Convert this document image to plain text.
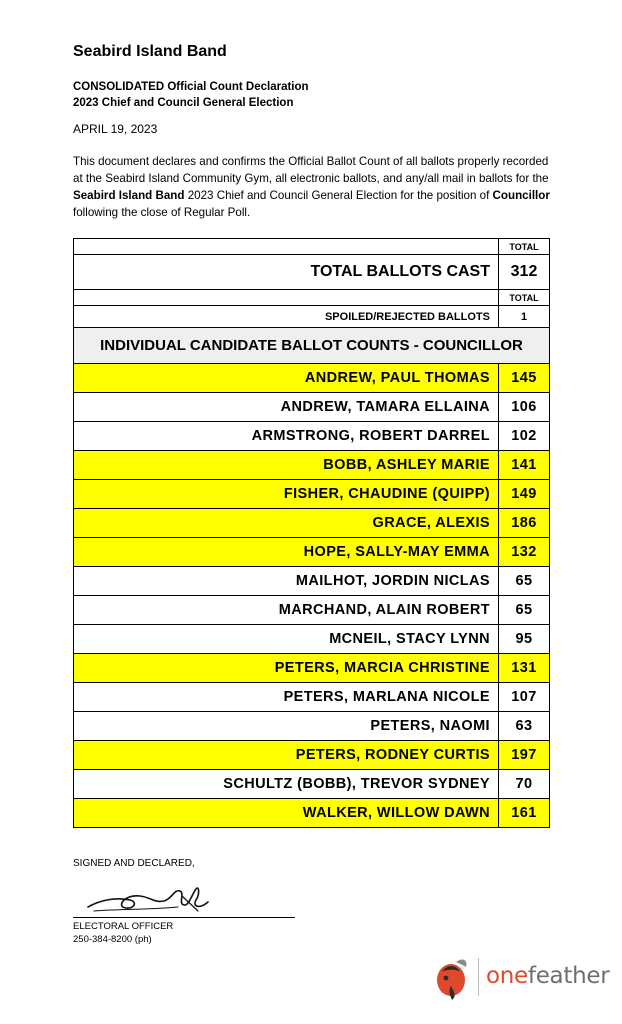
Seabird Island Band
CONSOLIDATED Official Count Declaration
2023 Chief and Council General Election
APRIL 19, 2023
This document declares and confirms the Official Ballot Count of all ballots properly recorded at the Seabird Island Community Gym, all electronic ballots, and any/all mail in ballots for the Seabird Island Band 2023 Chief and Council General Election for the position of Councillor following the close of Regular Poll.
	TOTAL
TOTAL BALLOTS CAST	312
	TOTAL
SPOILED/REJECTED BALLOTS	1
INDIVIDUAL CANDIDATE BALLOT COUNTS - COUNCILLOR	
ANDREW, PAUL THOMAS	145
ANDREW, TAMARA ELLAINA	106
ARMSTRONG, ROBERT DARREL	102
BOBB, ASHLEY MARIE	141
FISHER, CHAUDINE (QUIPP)	149
GRACE, ALEXIS	186
HOPE, SALLY-MAY EMMA	132
MAILHOT, JORDIN NICLAS	65
MARCHAND, ALAIN ROBERT	65
MCNEIL, STACY LYNN	95
PETERS, MARCIA CHRISTINE	131
PETERS, MARLANA NICOLE	107
PETERS, NAOMI	63
PETERS, RODNEY CURTIS	197
SCHULTZ (BOBB), TREVOR SYDNEY	70
WALKER, WILLOW DAWN	161
SIGNED AND DECLARED,
ELECTORAL OFFICER
250-384-8200 (ph)
onefeather
